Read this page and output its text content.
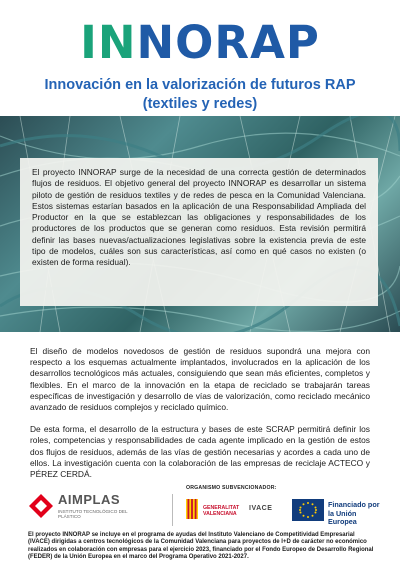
INNORAP
Innovación en la valorización de futuros RAP
(textiles y redes)

El proyecto INNORAP surge de la necesidad de una correcta gestión de determinados flujos de residuos. El objetivo general del proyecto INNORAP es desarrollar un sistema piloto de gestión de residuos textiles y de redes de pesca en la Comunidad Valenciana. Estos sistemas estarían basados en la aplicación de una Responsabilidad Ampliada del Productor en la que se establezcan las obligaciones y responsabilidades de los productores de los productos que se generan como residuos. Esta revisión permitirá definir las bases nuevas/actualizaciones legislativas sobre la existencia previa de este tipo de modelos, cuáles son sus características, así como en qué casos no existen (o existen de forma residual).

El diseño de modelos novedosos de gestión de residuos supondrá una mejora con respecto a los esquemas actualmente implantados, involucrados en la aplicación de los desarrollos tecnológicos más actuales, consiguiendo que sean más eficientes, completos y flexibles. En el marco de la innovación en la etapa de reciclado se trabajarán tareas específicas de investigación y desarrollo de vías de valorización, como reciclado mecánico avanzado de residuos complejos y reciclado químico.

De esta forma, el desarrollo de la estructura y bases de este SCRAP permitirá definir los roles, competencias y responsabilidades de cada agente implicado en la gestión de estos dos flujos de residuos, además de las vías de gestión necesarias y acordes a cada uno de ellos. La investigación cuenta con la colaboración de las empresas de reciclaje ACTECO y PÉREZ CERDÁ.

ORGANISMO SUBVENCIONADOR:
AIMPLAS
INSTITUTO TECNOLÓGICO DEL PLÁSTICO
GENERALITAT
VALENCIANA
IVACE	Financiado por
la Unión Europea

El proyecto INNORAP se incluye en el programa de ayudas del Instituto Valenciano de Competitividad Empresarial (IVACE) dirigidas a centros tecnológicos de la Comunidad Valenciana para proyectos de I+D de carácter no económico realizados en colaboración con empresas para el ejercicio 2023, financiado por el Fondo Europeo de Desarrollo Regional (FEDER) de la Unión Europea en el marco del Programa Operativo 2021-2027.
